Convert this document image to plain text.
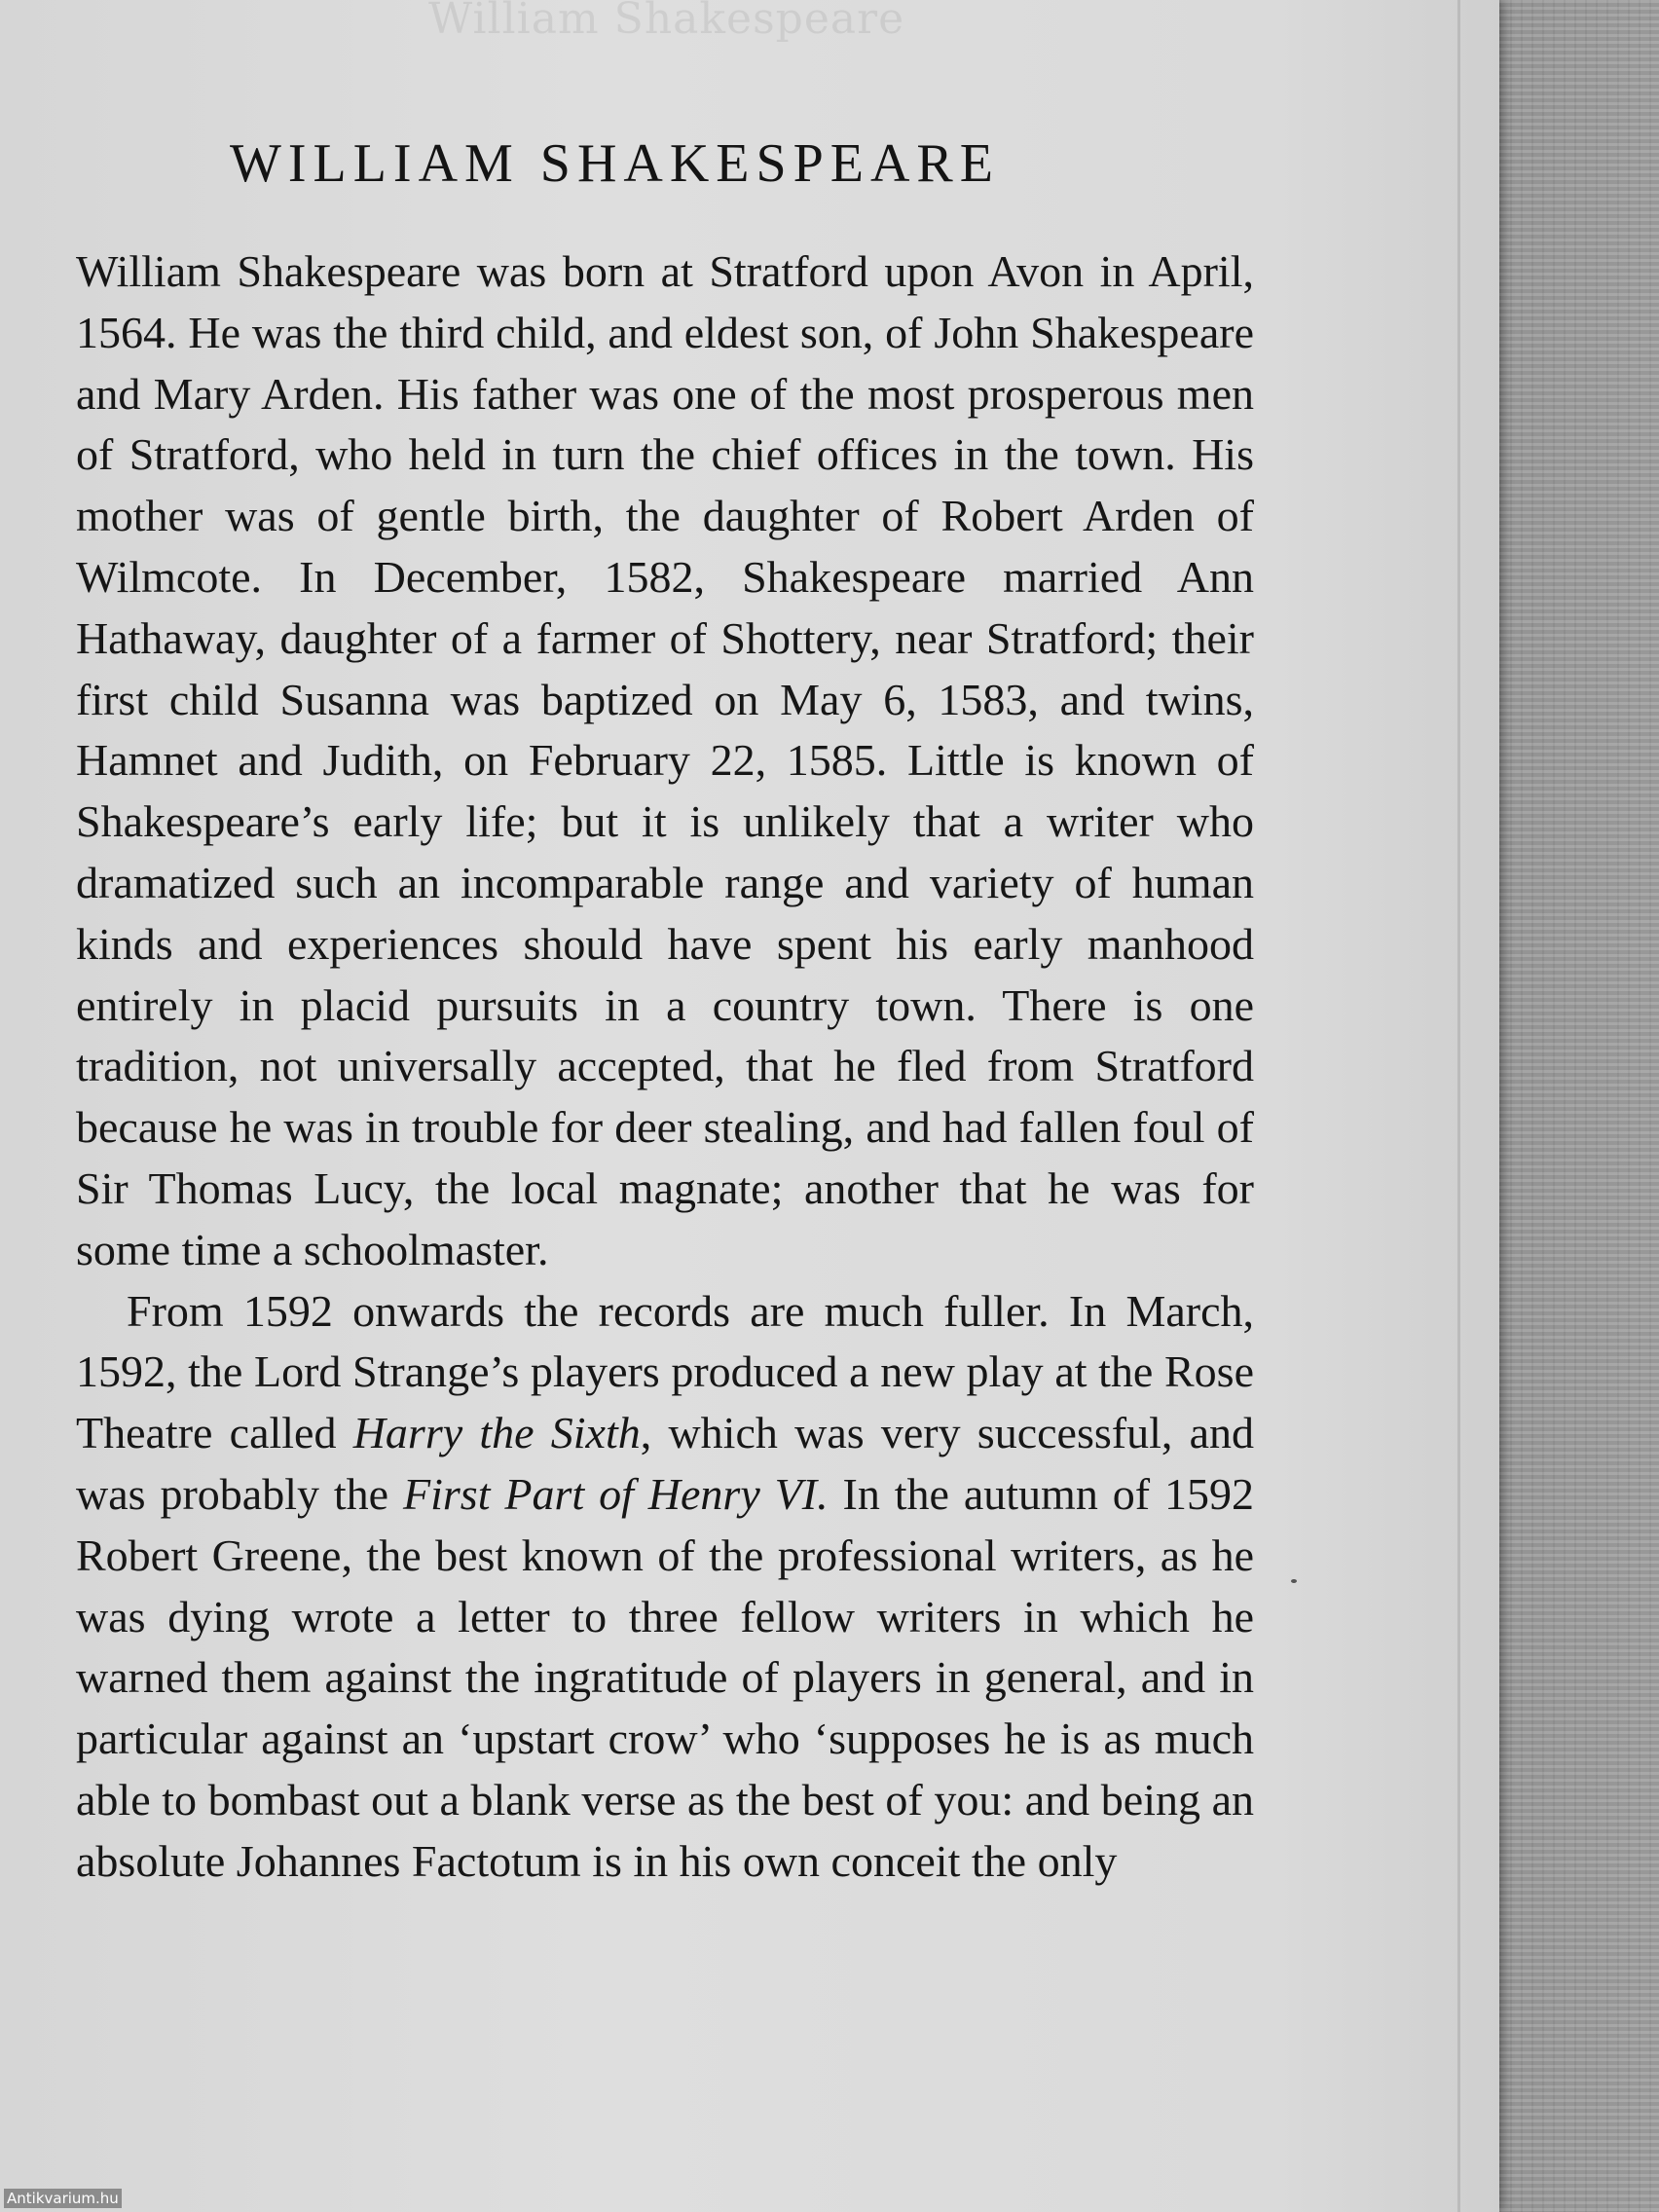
William Shakespeare
WILLIAM SHAKESPEARE

William Shakespeare was born at Stratford upon Avon in April, 1564. He was the third child, and eldest son, of John Shakespeare and Mary Arden. His father was one of the most prosperous men of Stratford, who held in turn the chief offices in the town. His mother was of gentle birth, the daughter of Robert Arden of Wilmcote. In December, 1582, Shakespeare married Ann Hathaway, daughter of a farmer of Shottery, near Stratford; their first child Susanna was baptized on May 6, 1583, and twins, Hamnet and Judith, on February 22, 1585. Little is known of Shakespeare’s early life; but it is unlikely that a writer who dramatized such an incomparable range and variety of human kinds and experiences should have spent his early manhood entirely in placid pursuits in a country town. There is one tradition, not universally accepted, that he fled from Stratford because he was in trouble for deer stealing, and had fallen foul of Sir Thomas Lucy, the local magnate; another that he was for some time a schoolmaster.

From 1592 onwards the records are much fuller. In March, 1592, the Lord Strange’s players produced a new play at the Rose Theatre called Harry the Sixth, which was very successful, and was probably the First Part of Henry VI. In the autumn of 1592 Robert Greene, the best known of the professional writers, as he was dying wrote a letter to three fellow writers in which he warned them against the ingratitude of players in general, and in particular against an ‘upstart crow’ who ‘supposes he is as much able to bombast out a blank verse as the best of you: and being an absolute Johannes Factotum is in his own conceit the only

Antikvarium.hu
